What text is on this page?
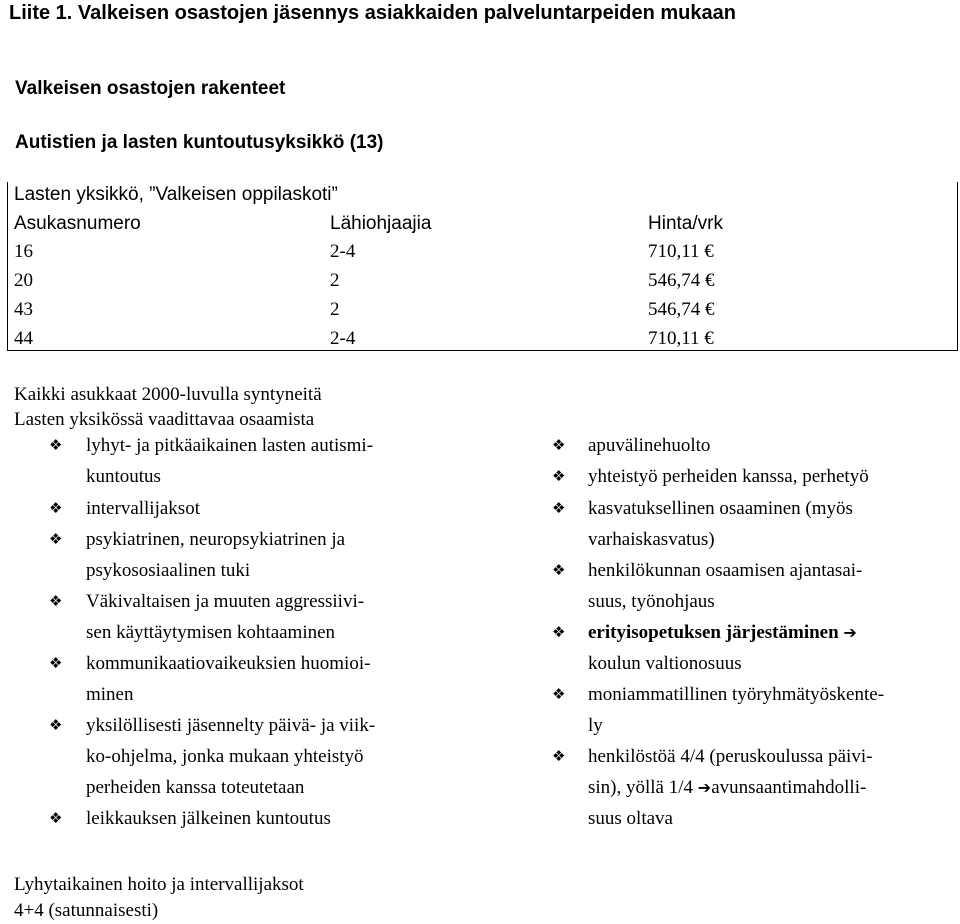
Liite 1. Valkeisen osastojen jäsennys asiakkaiden palveluntarpeiden mukaan
Valkeisen osastojen rakenteet
Autistien ja lasten kuntoutusyksikkö (13)
Lasten yksikkö, ”Valkeisen oppilaskoti”
Asukasnumero	Lähiohjaajia	Hinta/vrk
16	2-4	710,11 €
20	2	546,74 €
43	2	546,74 €
44	2-4	710,11 €
Kaikki asukkaat 2000-luvulla syntyneitä
Lasten yksikössä vaadittavaa osaamista
❖ lyhyt- ja pitkäaikainen lasten autismi-
kuntoutus
❖ intervallijaksot
❖ psykiatrinen, neuropsykiatrinen ja
psykososiaalinen tuki
❖ Väkivaltaisen ja muuten aggressiivi-
sen käyttäytymisen kohtaaminen
❖ kommunikaatiovaikeuksien huomioi-
minen
❖ yksilöllisesti jäsennelty päivä- ja viik-
ko-ohjelma, jonka mukaan yhteistyö
perheiden kanssa toteutetaan
❖ leikkauksen jälkeinen kuntoutus
❖ apuvälinehuolto
❖ yhteistyö perheiden kanssa, perhetyö
❖ kasvatuksellinen osaaminen (myös
varhaiskasvatus)
❖ henkilökunnan osaamisen ajantasai-
suus, työnohjaus
❖ erityisopetuksen järjestäminen ➔
koulun valtionosuus
❖ moniammatillinen työryhmätyöskente-
ly
❖ henkilöstöä 4/4 (peruskoulussa päivi-
sin), yöllä 1/4 ➔avunsaantimahdolli-
suus oltava
Lyhytaikainen hoito ja intervallijaksot
4+4 (satunnaisesti)
